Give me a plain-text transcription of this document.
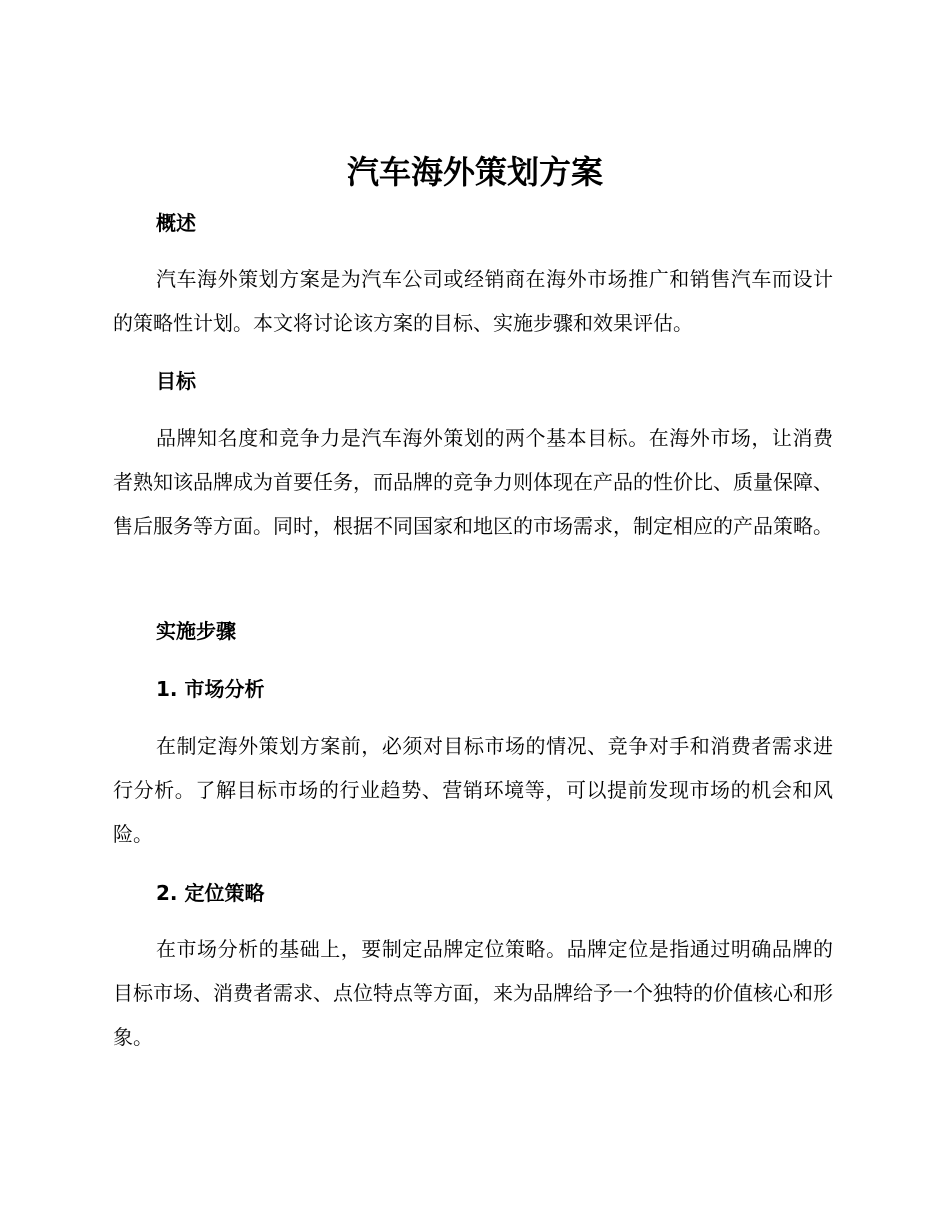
汽车海外策划方案
概述

汽车海外策划方案是为汽车公司或经销商在海外市场推广和销售汽车而设计的策略性计划。本文将讨论该方案的目标、实施步骤和效果评估。

目标

品牌知名度和竞争力是汽车海外策划的两个基本目标。在海外市场，让消费者熟知该品牌成为首要任务，而品牌的竞争力则体现在产品的性价比、质量保障、售后服务等方面。同时，根据不同国家和地区的市场需求，制定相应的产品策略。

实施步骤
1. 市场分析

在制定海外策划方案前，必须对目标市场的情况、竞争对手和消费者需求进行分析。了解目标市场的行业趋势、营销环境等，可以提前发现市场的机会和风险。

2. 定位策略

在市场分析的基础上，要制定品牌定位策略。品牌定位是指通过明确品牌的目标市场、消费者需求、点位特点等方面，来为品牌给予一个独特的价值核心和形象。
